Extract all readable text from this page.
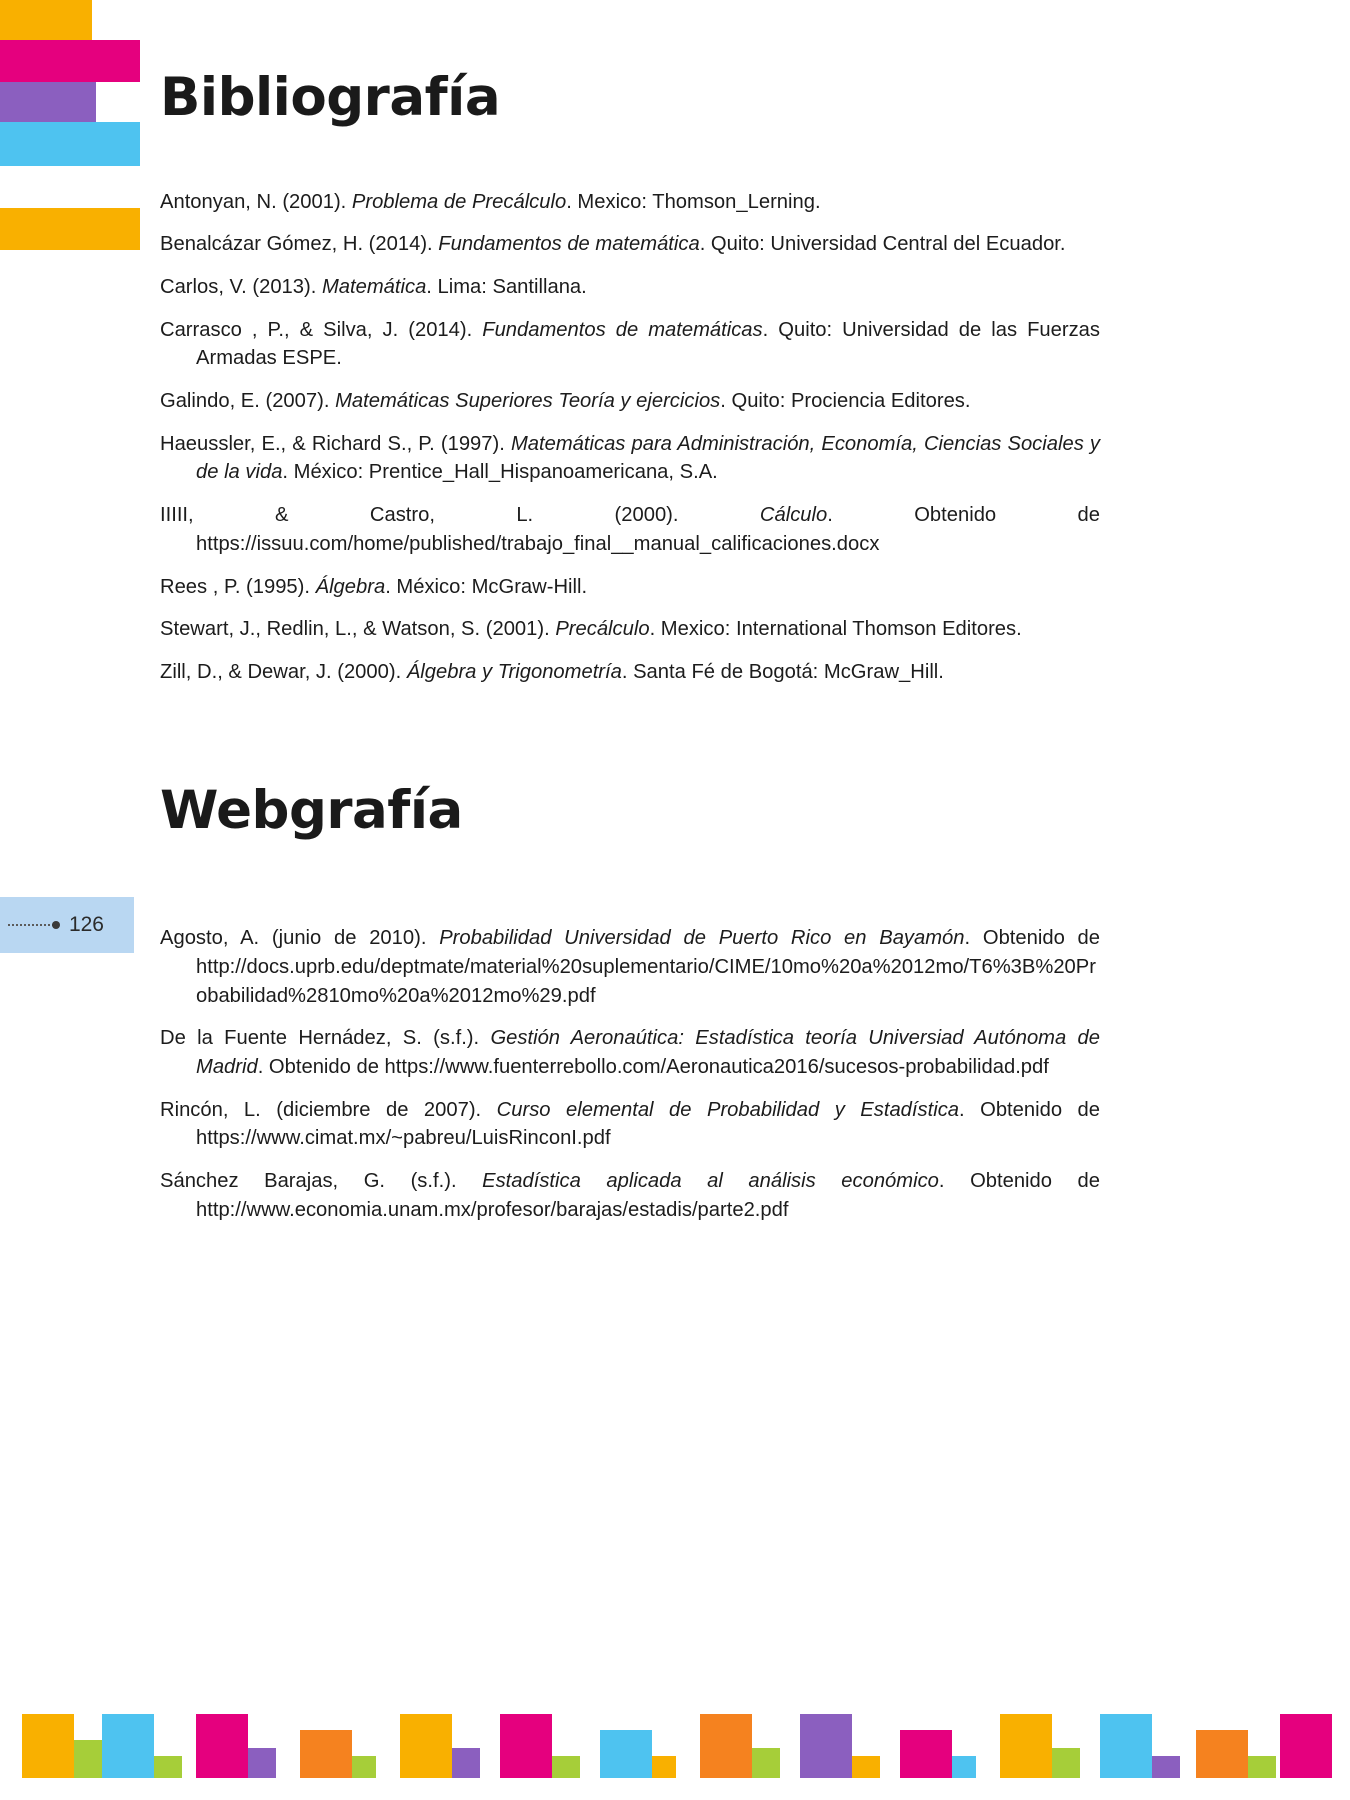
126
Bibliografía
Antonyan, N. (2001). Problema de Precálculo. Mexico: Thomson_Lerning.
Benalcázar Gómez, H. (2014). Fundamentos de matemática. Quito: Universidad Central del Ecuador.
Carlos, V. (2013). Matemática. Lima: Santillana.
Carrasco , P., & Silva, J. (2014). Fundamentos de matemáticas. Quito: Universidad de las Fuerzas Armadas ESPE.
Galindo, E. (2007). Matemáticas Superiores Teoría y ejercicios. Quito: Prociencia Editores.
Haeussler, E., & Richard S., P. (1997). Matemáticas para Administración, Economía, Ciencias Sociales y de la vida. México: Prentice_Hall_Hispanoamericana, S.A.
IIIII, & Castro, L. (2000). Cálculo. Obtenido de https://issuu.com/home/published/trabajo_final__manual_calificaciones.docx
Rees , P. (1995). Álgebra. México: McGraw-Hill.
Stewart, J., Redlin, L., & Watson, S. (2001). Precálculo. Mexico: International Thomson Editores.
Zill, D., & Dewar, J. (2000). Álgebra y Trigonometría. Santa Fé de Bogotá: McGraw_Hill.
Webgrafía
Agosto, A. (junio de 2010). Probabilidad Universidad de Puerto Rico en Bayamón. Obtenido de http://docs.uprb.edu/deptmate/material%20suplementario/CIME/10mo%20a%2012mo/T6%3B%20Probabilidad%2810mo%20a%2012mo%29.pdf
De la Fuente Hernádez, S. (s.f.). Gestión Aeronaútica: Estadística teoría Universiad Autónoma de Madrid. Obtenido de https://www.fuenterrebollo.com/Aeronautica2016/sucesos-probabilidad.pdf
Rincón, L. (diciembre de 2007). Curso elemental de Probabilidad y Estadística. Obtenido de https://www.cimat.mx/~pabreu/LuisRinconI.pdf
Sánchez Barajas, G. (s.f.). Estadística aplicada al análisis económico. Obtenido de http://www.economia.unam.mx/profesor/barajas/estadis/parte2.pdf
